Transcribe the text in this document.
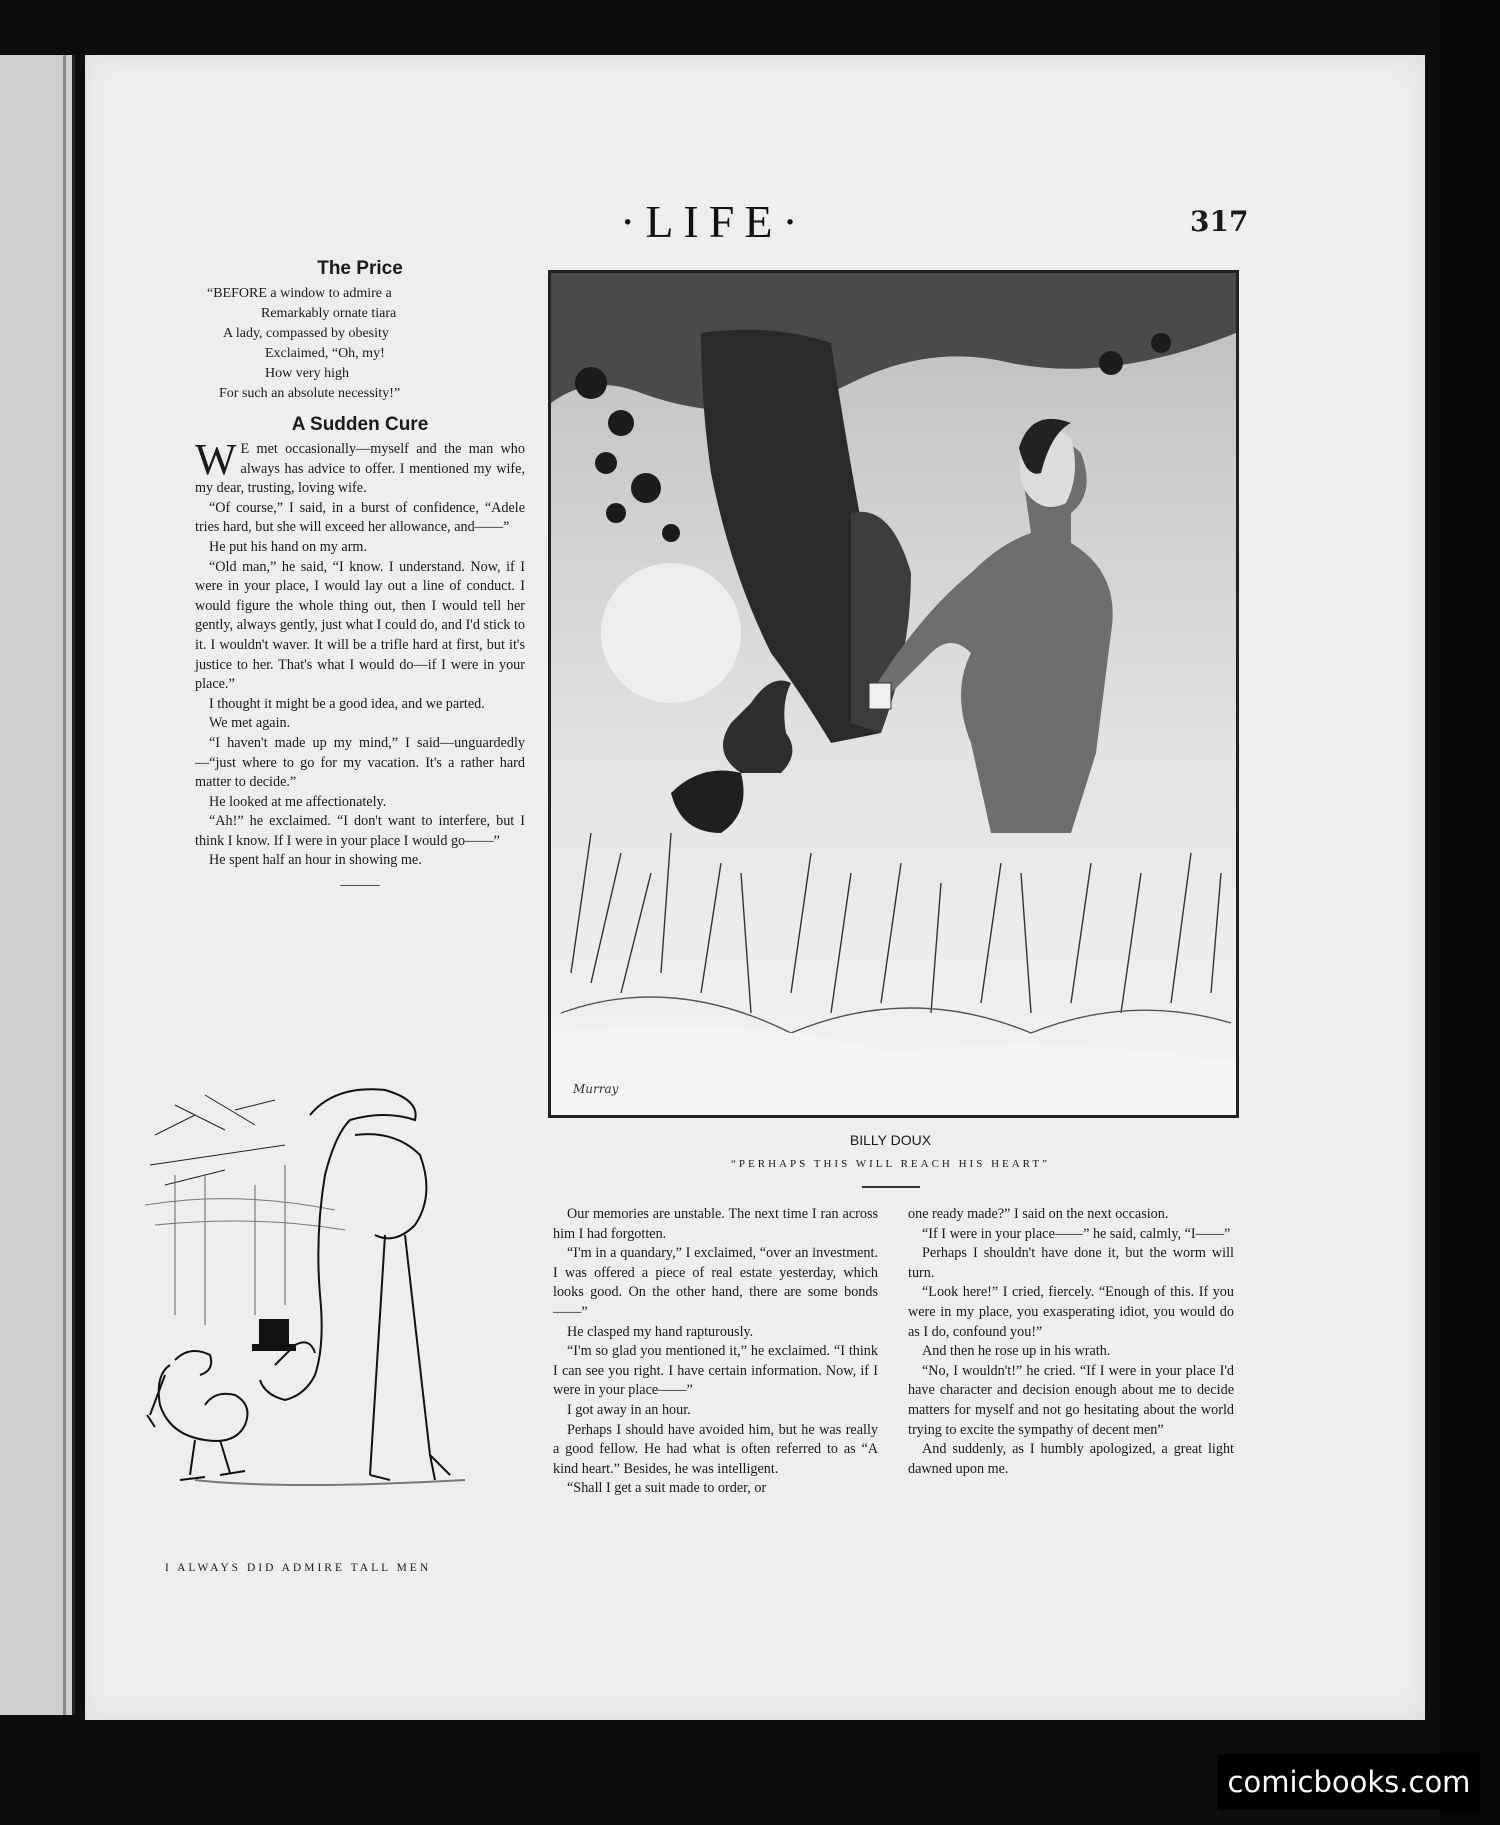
·LIFE·	317
The Price
“BEFORE a window to admire a
Remarkably ornate tiara
A lady, compassed by obesity
Exclaimed, “Oh, my!
How very high
For such an absolute necessity!”
A Sudden Cure

W E met occasionally—myself and the man who always has advice to offer. I mentioned my wife, my dear, trusting, loving wife.

“Of course,” I said, in a burst of confidence, “Adele tries hard, but she will exceed her allowance, and——”

He put his hand on my arm.

“Old man,” he said, “I know. I understand. Now, if I were in your place, I would lay out a line of conduct. I would figure the whole thing out, then I would tell her gently, always gently, just what I could do, and I'd stick to it. I wouldn't waver. It will be a trifle hard at first, but it's justice to her. That's what I would do—if I were in your place.”

I thought it might be a good idea, and we parted.

We met again.

“I haven't made up my mind,” I said—unguardedly—“just where to go for my vacation. It's a rather hard matter to decide.”

He looked at me affectionately.

“Ah!” he exclaimed. “I don't want to interfere, but I think I know. If I were in your place I would go——”

He spent half an hour in showing me.

I ALWAYS DID ADMIRE TALL MEN
Murray
BILLY DOUX
“PERHAPS THIS WILL REACH HIS HEART”

Our memories are unstable. The next time I ran across him I had forgotten.

“I'm in a quandary,” I exclaimed, “over an investment. I was offered a piece of real estate yesterday, which looks good. On the other hand, there are some bonds——”

He clasped my hand rapturously.

“I'm so glad you mentioned it,” he exclaimed. “I think I can see you right. I have certain information. Now, if I were in your place——”

I got away in an hour.

Perhaps I should have avoided him, but he was really a good fellow. He had what is often referred to as “A kind heart.” Besides, he was intelligent.

“Shall I get a suit made to order, or

one ready made?” I said on the next occasion.

“If I were in your place——” he said, calmly, “I——”

Perhaps I shouldn't have done it, but the worm will turn.

“Look here!” I cried, fiercely. “Enough of this. If you were in my place, you exasperating idiot, you would do as I do, confound you!”

And then he rose up in his wrath.

“No, I wouldn't!” he cried. “If I were in your place I'd have character and decision enough about me to decide matters for myself and not go hesitating about the world trying to excite the sympathy of decent men”

And suddenly, as I humbly apologized, a great light dawned upon me.

comicbooks.com
